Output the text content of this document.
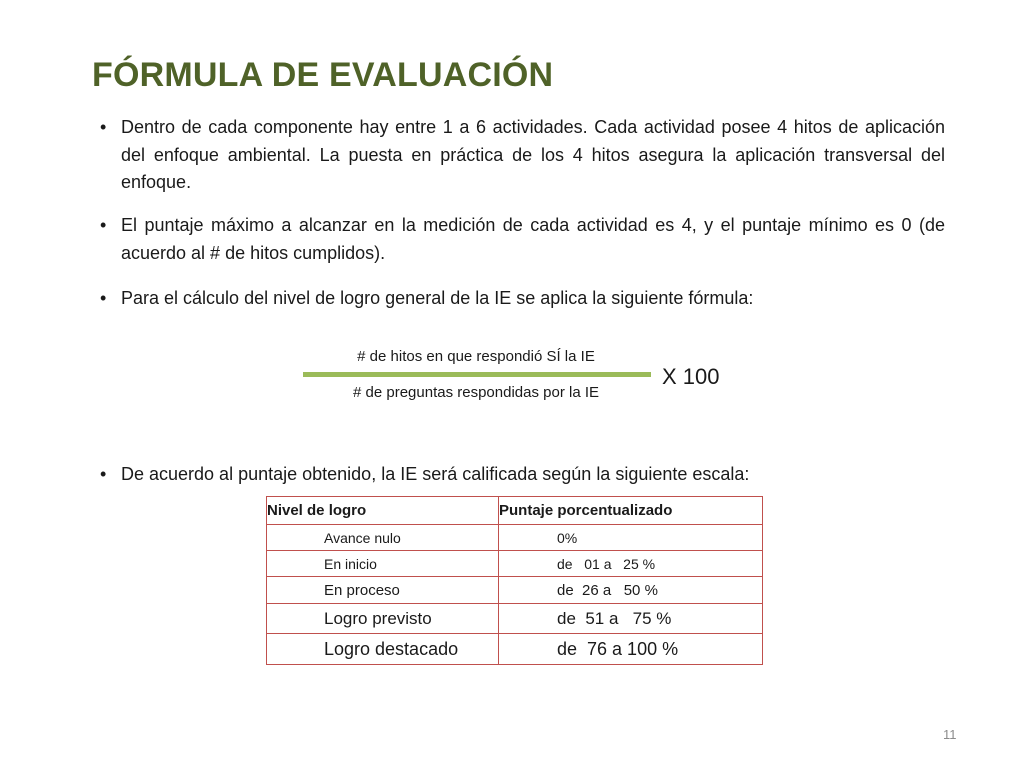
FÓRMULA DE EVALUACIÓN
• Dentro de cada componente hay entre 1 a 6 actividades. Cada actividad posee 4 hitos de aplicación del enfoque ambiental. La puesta en práctica de los 4 hitos asegura la aplicación transversal del enfoque.
• El puntaje máximo a alcanzar en la medición de cada actividad es 4, y el puntaje mínimo es 0 (de acuerdo al # de hitos cumplidos).
• Para el cálculo del nivel de logro general de la IE se aplica la siguiente fórmula:
• De acuerdo al puntaje obtenido, la IE será calificada según la siguiente escala:
# de hitos en que respondió SÍ la IE
# de preguntas respondidas por la IE
X 100
Nivel de logro	Puntaje porcentualizado
Avance nulo	0%
En inicio	de   01 a   25 %
En proceso	de  26 a   50 %
Logro previsto	de  51 a   75 %
Logro destacado	de  76 a 100 %
11
